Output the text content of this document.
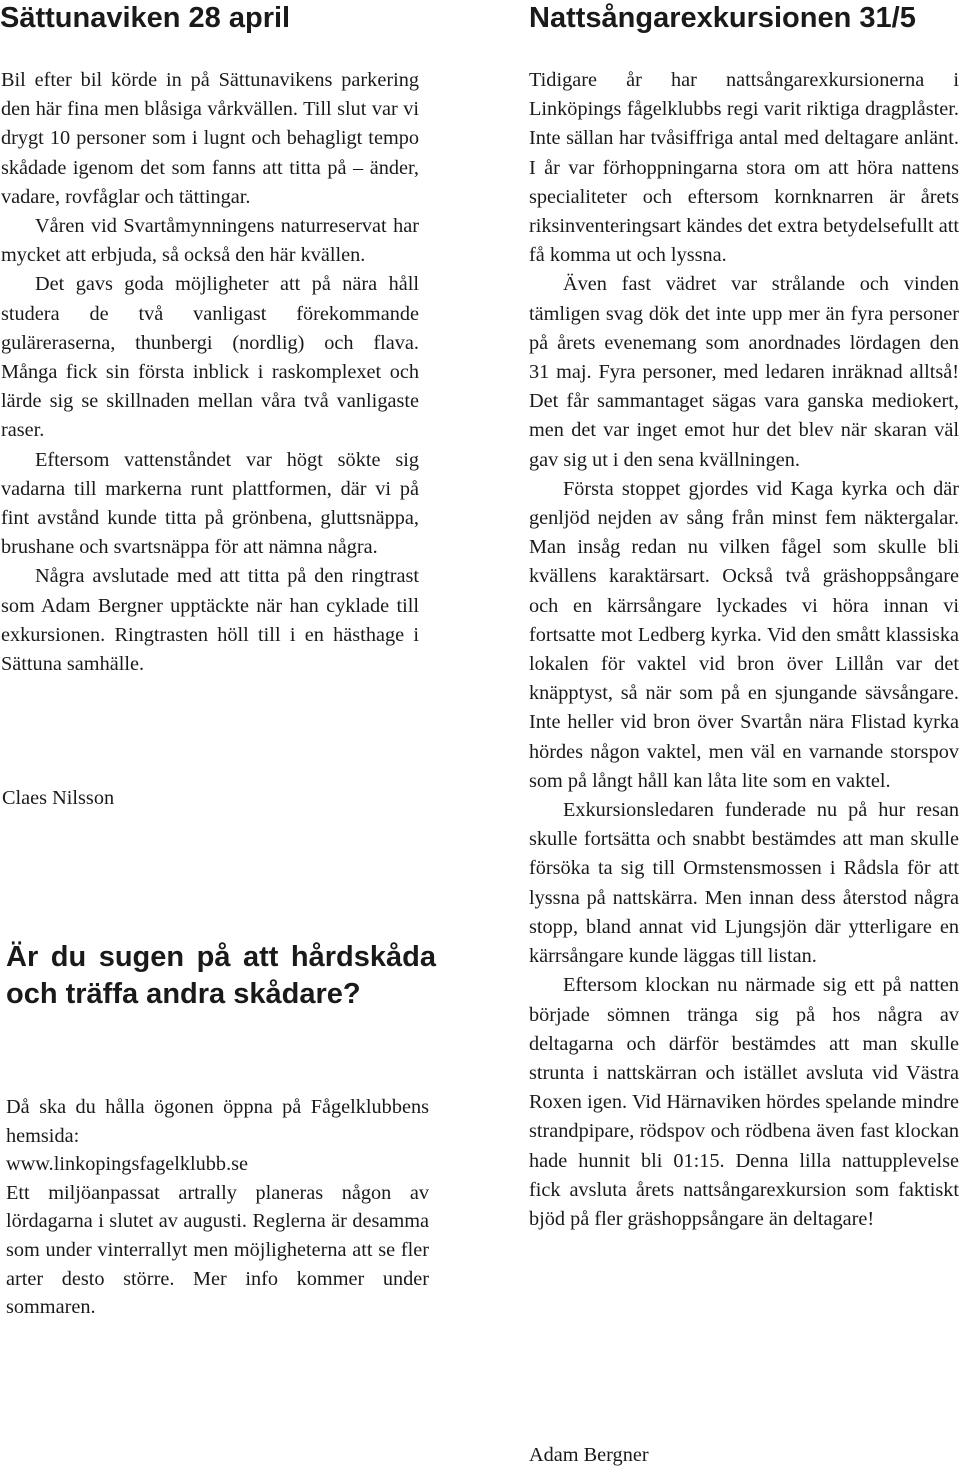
Sättunaviken 28 april

Bil efter bil körde in på Sättunavikens parkering den här fina men blåsiga vårkvällen. Till slut var vi drygt 10 personer som i lugnt och behagligt tempo skådade igenom det som fanns att titta på – änder, vadare, rovfåglar och tättingar.

Våren vid Svartåmynningens naturreservat har mycket att erbjuda, så också den här kvällen.

Det gavs goda möjligheter att på nära håll studera de två vanligast förekommande guläreraserna, thunbergi (nordlig) och flava. Många fick sin första inblick i raskomplexet och lärde sig se skillnaden mellan våra två vanligaste raser.

Eftersom vattenståndet var högt sökte sig vadarna till markerna runt plattformen, där vi på fint avstånd kunde titta på grönbena, gluttsnäppa, brushane och svartsnäppa för att nämna några.

Några avslutade med att titta på den ringtrast som Adam Bergner upptäckte när han cyklade till exkursionen. Ringtrasten höll till i en hästhage i Sättuna samhälle.

Claes Nilsson
Är du sugen på att hårdskåda och träffa andra skådare?

Då ska du hålla ögonen öppna på Fågelklubbens hemsida:

www.linkopingsfagelklubb.se

Ett miljöanpassat artrally planeras någon av lördagarna i slutet av augusti. Reglerna är desamma som under vinterrallyt men möjligheterna att se fler arter desto större. Mer info kommer under sommaren.

Nattsångarexkursionen 31/5

Tidigare år har nattsångarexkursionerna i Linköpings fågelklubbs regi varit riktiga dragplåster. Inte sällan har tvåsiffriga antal med deltagare anlänt. I år var förhoppningarna stora om att höra nattens specialiteter och eftersom kornknarren är årets riksinventeringsart kändes det extra betydelsefullt att få komma ut och lyssna.

Även fast vädret var strålande och vinden tämligen svag dök det inte upp mer än fyra personer på årets evenemang som anordnades lördagen den 31 maj. Fyra personer, med ledaren inräknad alltså! Det får sammantaget sägas vara ganska mediokert, men det var inget emot hur det blev när skaran väl gav sig ut i den sena kvällningen.

Första stoppet gjordes vid Kaga kyrka och där genljöd nejden av sång från minst fem näktergalar. Man insåg redan nu vilken fågel som skulle bli kvällens karaktärsart. Också två gräshoppsångare och en kärrsångare lyckades vi höra innan vi fortsatte mot Ledberg kyrka. Vid den smått klassiska lokalen för vaktel vid bron över Lillån var det knäpptyst, så när som på en sjungande sävsångare. Inte heller vid bron över Svartån nära Flistad kyrka hördes någon vaktel, men väl en varnande storspov som på långt håll kan låta lite som en vaktel.

Exkursionsledaren funderade nu på hur resan skulle fortsätta och snabbt bestämdes att man skulle försöka ta sig till Ormstensmossen i Rådsla för att lyssna på nattskärra. Men innan dess återstod några stopp, bland annat vid Ljungsjön där ytterligare en kärrsångare kunde läggas till listan.

Eftersom klockan nu närmade sig ett på natten började sömnen tränga sig på hos några av deltagarna och därför bestämdes att man skulle strunta i nattskärran och istället avsluta vid Västra Roxen igen. Vid Härnaviken hördes spelande mindre strandpipare, rödspov och rödbena även fast klockan hade hunnit bli 01:15. Denna lilla nattupplevelse fick avsluta årets nattsångarexkursion som faktiskt bjöd på fler gräshoppsångare än deltagare!

Adam Bergner
